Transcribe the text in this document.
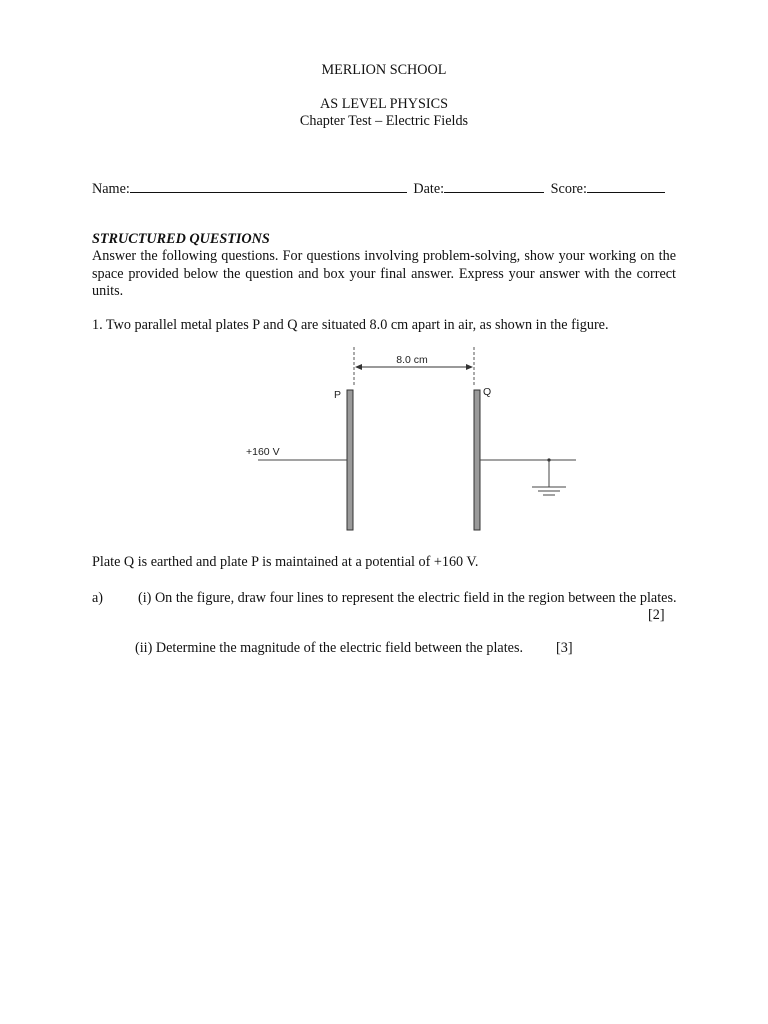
MERLION SCHOOL
AS LEVEL PHYSICS
Chapter Test – Electric Fields
Name:	Date:	Score:
STRUCTURED QUESTIONS
Answer the following questions. For questions involving problem-solving, show your working on the space provided below the question and box your final answer. Express your answer with the correct units.
1. Two parallel metal plates P and Q are situated 8.0 cm apart in air, as shown in the figure.
8.0 cm
P	Q
+160 V
Plate Q is earthed and plate P is maintained at a potential of +160 V.
a) (i) On the figure, draw four lines to represent the electric field in the region between the plates.
[2]
(ii) Determine the magnitude of the electric field between the plates. [3]
